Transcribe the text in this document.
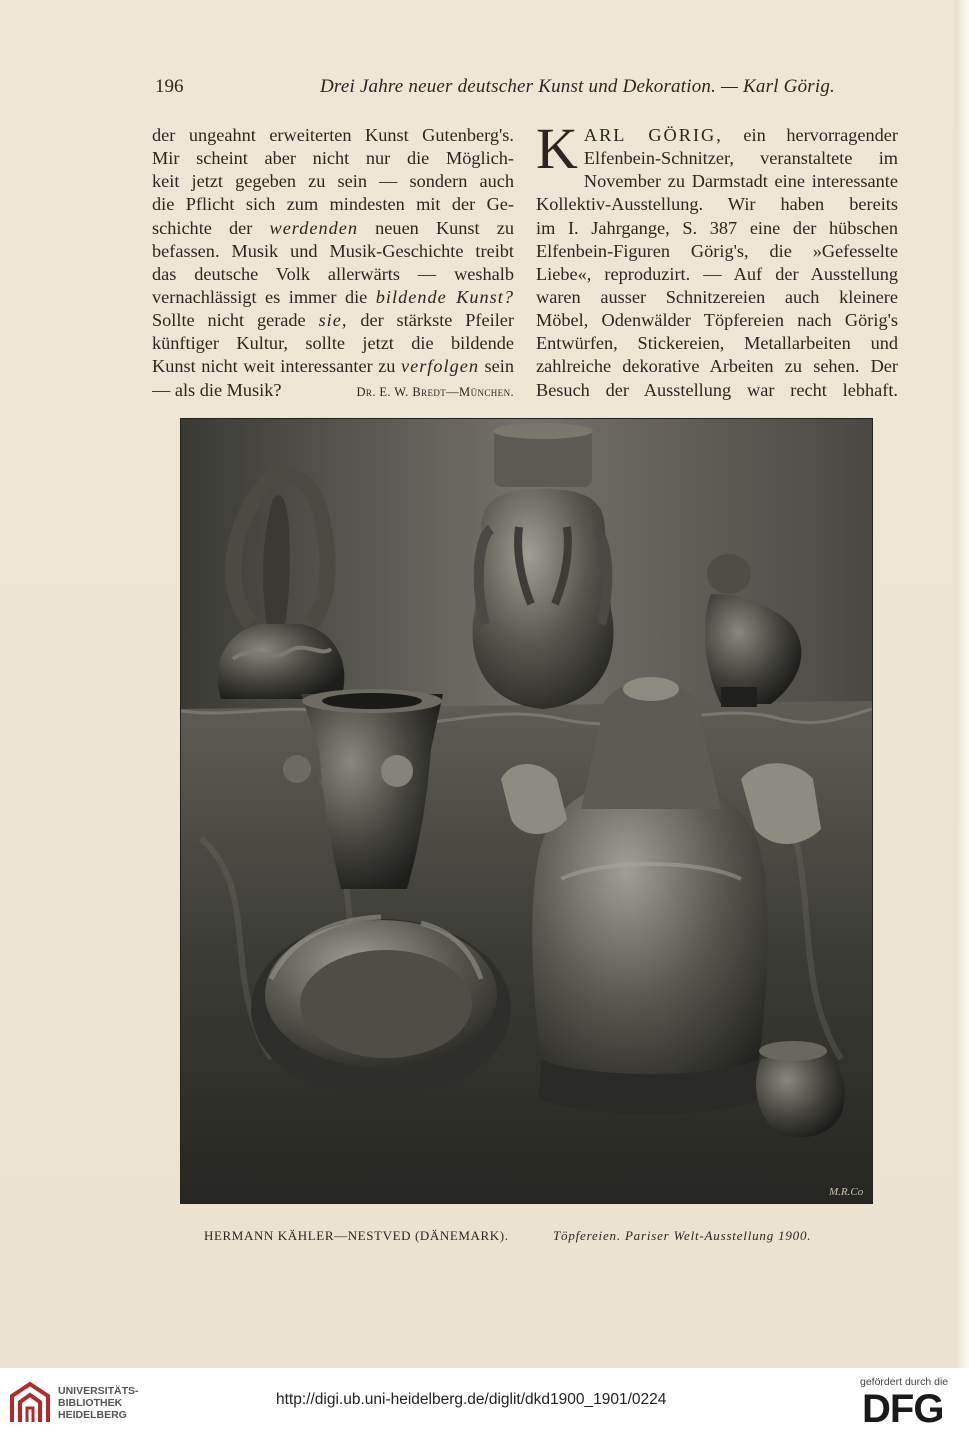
196	Drei Jahre neuer deutscher Kunst und Dekoration. — Karl Görig.
der ungeahnt erweiterten Kunst Gutenberg's.
Mir scheint aber nicht nur die Möglich-
keit jetzt gegeben zu sein — sondern auch
die Pflicht sich zum mindesten mit der Ge-
schichte der werdenden neuen Kunst zu
befassen. Musik und Musik-Geschichte treibt
das deutsche Volk allerwärts — weshalb
vernachlässigt es immer die bildende Kunst?
Sollte nicht gerade sie, der stärkste Pfeiler
künftiger Kultur, sollte jetzt die bildende
Kunst nicht weit interessanter zu verfolgen sein
— als die Musik?	Dr. E. W. Bredt—München.
K ARL GÖRIG, ein hervorragender
Elfenbein-Schnitzer, veranstaltete im
November zu Darmstadt eine interessante
Kollektiv-Ausstellung. Wir haben bereits
im I. Jahrgange, S. 387 eine der hübschen
Elfenbein-Figuren Görig's, die »Gefesselte
Liebe«, reproduzirt. — Auf der Ausstellung
waren ausser Schnitzereien auch kleinere
Möbel, Odenwälder Töpfereien nach Görig's
Entwürfen, Stickereien, Metallarbeiten und
zahlreiche dekorative Arbeiten zu sehen. Der
Besuch der Ausstellung war recht lebhaft.
M.R.Co
HERMANN KÄHLER—NESTVED (DÄNEMARK).	Töpfereien. Pariser Welt-Ausstellung 1900.
UNIVERSITÄTS-
BIBLIOTHEK
HEIDELBERG
http://digi.ub.uni-heidelberg.de/diglit/dkd1900_1901/0224
gefördert durch die
DFG
